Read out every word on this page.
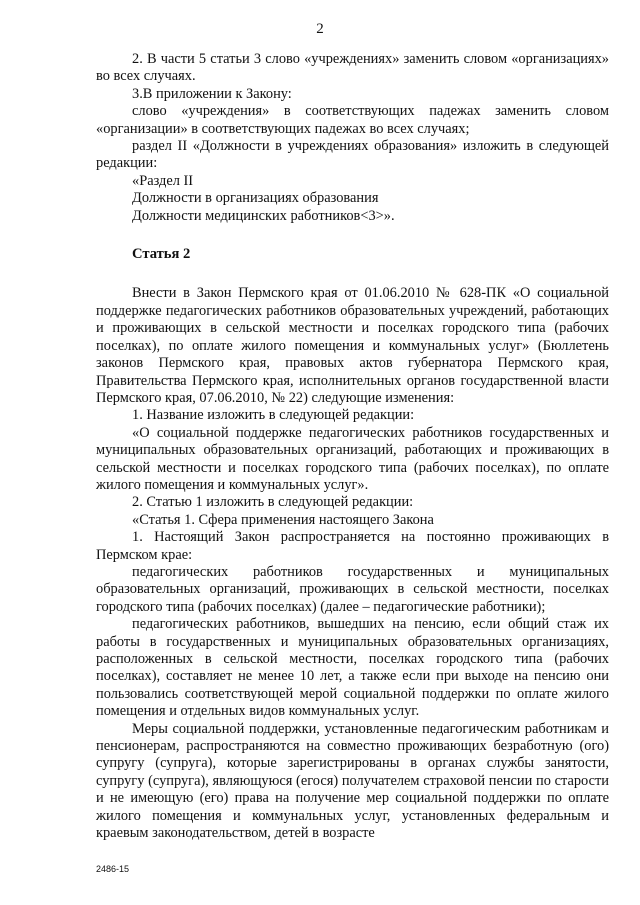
2

2. В части 5 статьи 3 слово «учреждениях» заменить словом «организациях» во всех случаях.

3.В приложении к Закону:

слово «учреждения» в соответствующих падежах заменить словом «организации» в соответствующих падежах во всех случаях;

раздел II «Должности в учреждениях образования» изложить в следующей редакции:

«Раздел II

Должности в организациях образования

Должности медицинских работников<3>».

Статья 2

Внести в Закон Пермского края от 01.06.2010 № 628-ПК «О социальной поддержке педагогических работников образовательных учреждений, работающих и проживающих в сельской местности и поселках городского типа (рабочих поселках), по оплате жилого помещения и коммунальных услуг» (Бюллетень законов Пермского края, правовых актов губернатора Пермского края, Правительства Пермского края, исполнительных органов государственной власти Пермского края, 07.06.2010, № 22) следующие изменения:

1. Название изложить в следующей редакции:

«О социальной поддержке педагогических работников государственных и муниципальных образовательных организаций, работающих и проживающих в сельской местности и поселках городского типа (рабочих поселках), по оплате жилого помещения и коммунальных услуг».

2. Статью 1 изложить в следующей редакции:

«Статья 1. Сфера применения настоящего Закона

1. Настоящий Закон распространяется на постоянно проживающих в Пермском крае:

педагогических работников государственных и муниципальных образовательных организаций, проживающих в сельской местности, поселках городского типа (рабочих поселках) (далее – педагогические работники);

педагогических работников, вышедших на пенсию, если общий стаж их работы в государственных и муниципальных образовательных организациях, расположенных в сельской местности, поселках городского типа (рабочих поселках), составляет не менее 10 лет, а также если при выходе на пенсию они пользовались соответствующей мерой социальной поддержки по оплате жилого помещения и отдельных видов коммунальных услуг.

Меры социальной поддержки, установленные педагогическим работникам и пенсионерам, распространяются на совместно проживающих безработную (ого) супругу (супруга), которые зарегистрированы в органах службы занятости, супругу (супруга), являющуюся (егося) получателем страховой пенсии по старости и не имеющую (его) права на получение мер социальной поддержки по оплате жилого помещения и коммунальных услуг, установленных федеральным и краевым законодательством, детей в возрасте

2486-15
